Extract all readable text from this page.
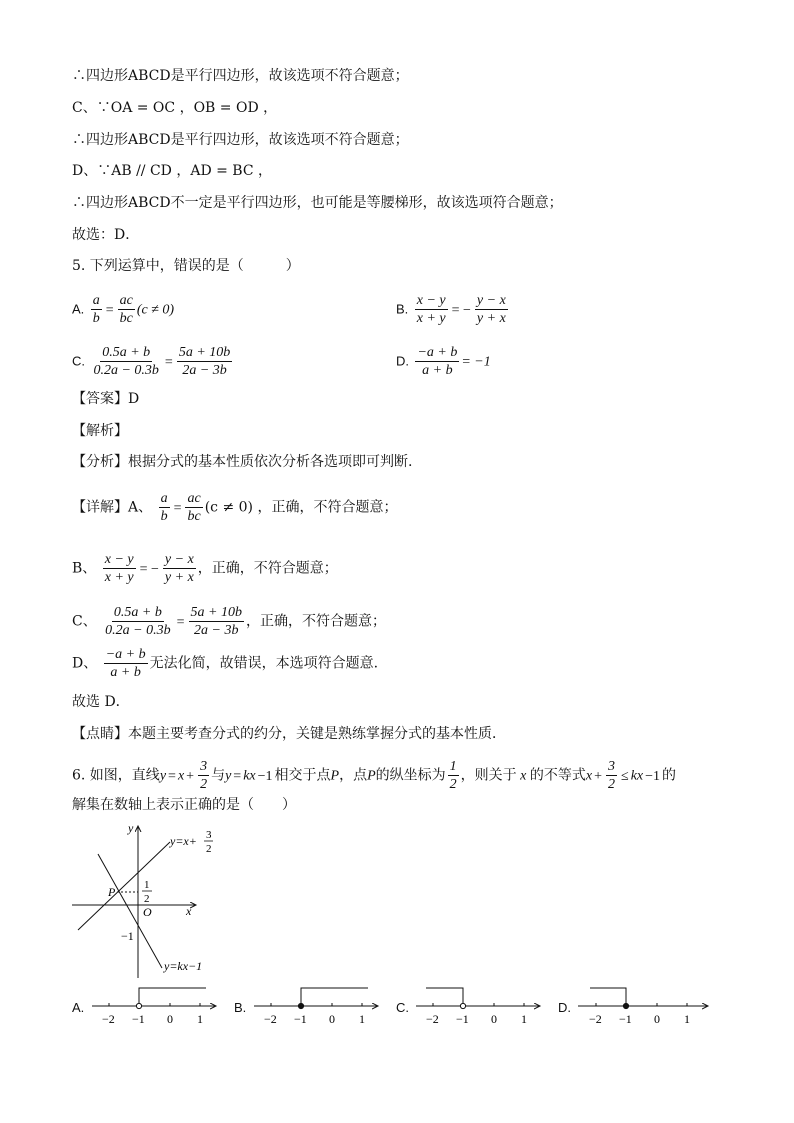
∴四边形ABCD是平行四边形，故该选项不符合题意；
C、∵OA = OC ，OB = OD ，
∴四边形ABCD是平行四边形，故该选项不符合题意；
D、∵AB // CD ，AD = BC ，
∴四边形ABCD不一定是平行四边形，也可能是等腰梯形，故该选项符合题意；
故选：D．
5. 下列运算中，错误的是（　　　）
A. $\frac{a}{b} = \frac{ac}{bc} (c \ne 0)$	B. $\frac{x - y}{x + y}$ = − $\frac{y - x}{y + x}$
C. $\frac{0.5a + b}{0.2a - 0.3b} = \frac{5a + 10b}{2a - 3b}$	D. $\frac{-a + b}{a + b} = -1$
【答案】D
【解析】
【分析】根据分式的基本性质依次分析各选项即可判断.
【详解】A、 $\frac{a}{b} = \frac{ac}{bc} (c \ne 0)$ ，正确，不符合题意；
B、 $\frac{x - y}{x + y}$ = − $\frac{y - x}{y + x}$ ，正确，不符合题意；
C、 $\frac{0.5a + b}{0.2a - 0.3b} = \frac{5a + 10b}{2a - 3b}$ ，正确，不符合题意；
D、 $\frac{-a + b}{a + b}$ 无法化简，故错误，本选项符合题意.
故选 D．
【点睛】本题主要考查分式的约分，关键是熟练掌握分式的基本性质．
6. 如图，直线$y = x + \frac{3}{2}$ 与y = kx −1 相交于点P，点P的纵坐标为 $\frac{1}{2}$ ，则关于 x 的不等式$x + \frac{3}{2}$ ≤ kx −1 的
解集在数轴上表示正确的是（　　）
y
x
y=x+ 3
2
y=kx−1
P
O
1
2
−1
A.
−2 −1 0 1
B.
−2 −1 0 1
C.
−2 −1 0 1
D.
−2 −1 0 1
